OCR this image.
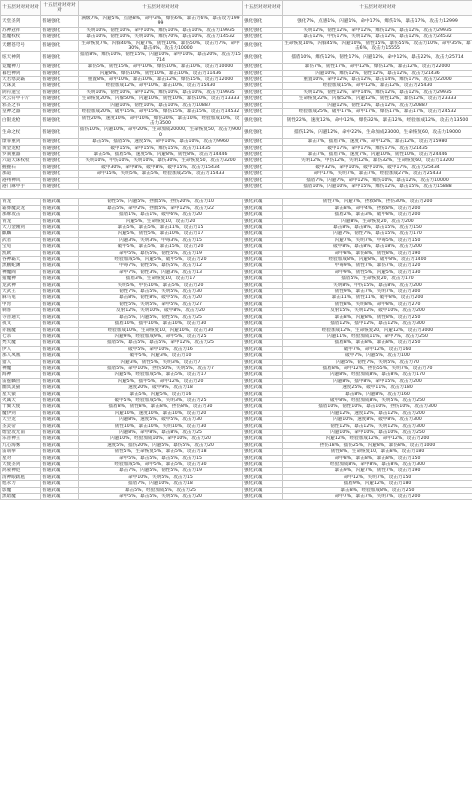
十五层对对对对对	十五层对对对对对	十五层对对对对对	十五层对对对对对	十五层对对对对对
天堂圣剑	普通强化	满级7%，闪避5%，点感8%，命中3%，爆伤6%，暴击力6%，暴击攻力19999	强化强化	强化7%，点感1%，闪避1%，命中17%，爆伤1%，暴击17%，攻击力12999
苏神冠祥	普通强化	失明10%，韧性10%，命中10%，爆伤10%，暴击10%，攻击力19935	强化强化	失明12%，韧性12%，命中12%，爆伤12%，暴击12%，攻击力29935
恶魔权杖	普通强化	暴击10%，韧性10%，失明10%，爆伤70%，暴击10%，攻击力14532	强化强化	暴击12%，中伤17%，失明12%，暴击12%，暴击12%，攻击力24532
天燃苍穹号	普通强化	生命恢复7%，闪躲40%，闪避7%，韧性10%，暴伤50%，攻击力7%，命中30%，暴击4%，攻击力10000	强化强化	生命恢复10%，闪躲45%，闪避10%，韧性15%，暴伤55%，攻击力10%，命中35%，暴击6%，攻击力15555
炫天神剑	普通强化	擂盾8%，爆伤10%，韧性15%，闪避10%，命中10%，暴击20%，攻击力15714	强化强化	擂盾10%，爆伤12%，韧性17%，闪避12%，命中12%，暴击22%，攻击力25714
竞魔神刀	普通强化	暴伤5%，韧性15%，命中10%，爆伤10%，暴击10%，攻击力10000	强化强化	暴伤7%，韧性17%，命中12%，爆伤12%，暴击12%，攻击力22000
暮色神剑	普通强化	闪避8%，爆伤10%，韧性10%，暴击10%，攻击力11436	强化强化	闪避10%，爆伤12%，韧性12%，暴击12%，攻击力21436
天若寒灵霸	普通强化	重置8%，命中10%，暴击10%，暴击12%，爆伤15%，攻击力12000	强化强化	重置10%，命中12%，暴击12%，暴击14%，爆伤17%，攻击力22000
天诛灵	普通强化	经验加成12%，命中10%，暴击10%，攻击力15430	强化强化	经验加成15%，命中12%，暴击12%，攻击力25430
阴符遗宝	普通强化	失明10%，韧性10%，命中12%，爆伤10%，暴击10%，攻击力19935	强化强化	失明12%，韧性12%，命中14%，爆伤12%，暴击12%，攻击力29935
火云符甲千斤	普通强化	生命恢复20%，闪躲50%，闪避10%，韧性10%，暴伤10%，攻击力13333	强化强化	生命恢复22%，闪躲52%，闪避12%，韧性12%，暴伤12%，攻击力23333
邪圣之书	普通强化	闪避10%，韧性10%，暴击10%，攻击力10887	强化强化	闪避12%，韧性12%，暴击12%，攻击力20887
皇神之器	普通强化	经验加成20%，破甲15%，命中15%，爆伤15%，暴击15%，攻击力14532	强化强化	经验加成25%，破甲17%，命中17%，爆伤17%，暴击17%，攻击力24532
白银龙枪	普通强化	韧性20%，速度10%，命中10%，爆伤30%，暴击10%，经验加成10%，攻击力3500	强化强化	韧性22%，速度12%，命中12%，爆伤32%，暴击12%，经验加成12%，攻击力13500
生命之杖	普通强化	擂伤10%，闪避10%，命中20%，生命加成20000，生命恢复50，攻击力9000	强化强化	擂伤12%，闪避12%，命中22%，生命加成23000，生命恢复60，攻击力19000
馈罪重剑	普通强化	暴击5%，擂盾5%，速度5%，命中10%，暴击10%，攻击力9960	强化强化	暴击7%，擂盾7%，速度7%，命中12%，暴击12%，攻击力15980
黄金龙枪	普通强化	破甲15%，命中15%，爆伤15%，攻击力11435	强化强化	破甲17%，命中17%，爆伤17%，攻击力21435
罗刹重器	普通强化	暴击5%，擂盾5%，速度5%，闪避8%，韧性8%，攻击力14446	强化强化	暴击7%，擂盾7%，速度7%，闪避10%，韧性10%，攻击力24446
六道天诛权杖	普通强化	失明10%，中伤10%，失明10%，暴伤30%，生命恢复50，攻击力3200	强化强化	失明12%，中伤12%，失明12%，暴伤32%，生命恢复60，攻击力13200
握握石	普通强化	破甲30%，命中8%，破甲8%，破甲15%，攻击力15434	强化强化	破甲32%，命中10%，破甲10%，破甲17%，攻击力25434
那道	普通强化	命中15%，失明5%，暴击5%，经验加成25%，攻击力15433	强化强化	命中17%，失明7%，暴击7%，经验加成27%，攻击力25433
港州神风	普通强化		强化强化	擂盾7%，闪避7%，命中12%，爆伤10%，暴击12%，攻击力10000
港门麻甲手	普通强化		强化强化	擂盾10%，闪避10%，命中15%，爆伤12%，暴击15%，攻击力15888

青龙	普通武魂	韧性5%，闪避5%，拯救5%，拯伤20%，攻击力10	强化武魂	韧性7%，闪避7%，拯救8%，拯伤30%，攻击力200
霜葬魔灵龙	普通武魂	暴击5%，命中2%，拯救5%，命中12%，攻击力22	强化武魂	暴击8%，命中4%，拯救8%，攻击力200
那牌攻击	普通武魂	擂盾1%，暴击1%，破甲6%，攻击力20	强化武魂	擂盾2%，暴击3%，破甲8%，攻击力200
青龙	普通武魂	闪避5%，生命恢复10，攻击力20	强化武魂	闪避8%，生命恢复20，攻击力200
大刀金刚剑	普通武魂	暴击5%，暴击5%，暴击11%，攻击力15	强化武魂	暴击8%，暴击8%，暴击15%，攻击力150
麒麟	普通武魂	闪避5%，韧性5%，暴击10%，攻击力17	强化武魂	闪避7%，韧性7%，暴击15%，攻击力170
武者	普通武魂	闪避3%，失明3%，中毒3%，攻击力15	强化武魂	闪避7%，失明7%，中毒5%，攻击力150
宝龟	普通武魂	破甲5%，暴击5%，暴击15%，攻击力20	强化武魂	破甲8%，暴击8%，暴击18%，攻击力200
凯欧	普通武魂	命中5%，暴伤5%，韧性5%，攻击力19	强化武魂	命中8%，暴伤8%，韧性8%，攻击力190
谷神霸天	普通武魂	经验加成5%，闪避5%，破甲5%，攻击力20	强化武魂	经验加成8%，闪避8%，破甲8%，攻击力1400
黑鹏蛇渊	普通武魂	中毒7%，韧性5%，暴伤5%，攻击力12	强化武魂	中毒9%，韧性7%，暴伤7%，攻击力120
神魔阎	普通武魂	命中7%，韧性3%，闪避3%，攻击力13	强化武魂	命中9%，韧性5%，闪避5%，攻击力130
猪魔神	普通武魂	擂盾3%，生命恢复10，攻击力17	强化武魂	擂盾5%，生命恢复20，攻击力170
龙武神	普通武魂	失明5%，中伤10%，暴击5%，攻击力20	强化武魂	失明8%，中伤15%，暴击8%，攻击力200
天武王	普通武魂	韧性7%，暴击5%，失明5%，攻击力30	强化武魂	韧性9%，暴击7%，失明7%，攻击力300
麻马龟	普通武魂	暴击8%，韧性8%，破甲5%，攻击力20	强化武魂	暴击11%，韧性11%，破甲8%，攻击力200
甲胄	普通武魂	韧性5%，失明5%，命中5%，攻击力27	强化武魂	韧性8%，失明8%，命中8%，攻击力270
刺客	普通武魂	反射12%，失明10%，破甲8%，攻击力20	强化武魂	反射15%，失明12%，破甲10%，攻击力200
寺普通天	普通武魂	暴击5%，闪避5%，韧性5%，攻击力25	强化武魂	暴击8%，闪避8%，韧性8%，攻击力250
夜叉	普通武魂	擂盾10%，擂甲10%，暴击10%，攻击力30	强化武魂	擂盾12%，擂甲12%，暴击12%，攻击力300
赤瓯魔	普通武魂	经验加成10%，生命恢复10，闪避10%，攻击力30	强化武魂	经验加成12%，生命恢复20，闪避12%，攻击力3000
七杀	普通武魂	闪避9%，经验加成9%，命中5%，攻击力25	强化武魂	闪避11%，经验加成11%，命中7%，攻击力250
秃天魔	普通武魂	擂盾5%，暴击5%，暴击5%，命中12%，攻击力25	强化武魂	擂盾8%，暴击8%，暴击8%，攻击力250
伊人	普通武魂	破甲5%，命中10%，攻击力16	强化武魂	破甲7%，命中12%，攻击力160
那人凤凰	普通武魂	破甲5%，闪避3%，攻击力10	强化武魂	破甲7%，闪避5%，攻击力100
猎人	普通武魂	闪避3%，韧性5%，失明3%，攻击力7	强化武魂	闪避5%，韧性7%，失明5%，攻击力70
神魔	普通武魂	擂盾5%，命中10%，拯伤50%，失明5%，攻击力7	强化武魂	擂盾8%，命中12%，拯伤55%，失明7%，攻击力70
海神	普通武魂	闪避5%，经验加成5%，暴击5%，攻击力17	强化武魂	闪避8%，经验加成8%，暴击8%，攻击力170
雷霆麟兽	普通武魂	闪避5%，擂甲5%，命中12%，攻击力20	强化武魂	闪避8%，擂甲8%，命中15%，攻击力200
幽冥灵猫	普通武魂	速度20%，破甲9%，攻击力18	强化武魂	速度25%，破甲11%，攻击力180
星天猿	普通武魂	暴击5%，闪避5%，攻击力16	强化武魂	暴击8%，闪避8%，攻击力160
火属天	普通武魂	破甲5%，经验加成5%，失明3%，攻击力25	强化武魂	破甲8%，经验加成8%，失明5%，攻击力250
十翼天使	普通武魂	擂盾8%，韧性8%，暴击8%，拯伤8%，攻击力30	强化武魂	擂盾10%，韧性10%，暴击10%，拯伤10%，攻击力300
魔伊剑	普通武魂	闪避10%，速度10%，暴击10%，攻击力20	强化武魂	闪避12%，速度12%，暴击12%，攻击力200
天空龙	普通武魂	闪避8%，速度5%，破甲5%，攻击力30	强化武魂	闪避10%，速度8%，破甲8%，攻击力300
圣灵帝	普通武魂	韧性10%，暴击10%，失明10%，攻击力30	强化武魂	韧性12%，暴击12%，失明12%，攻击力300
熠金攻尤南	普通武魂	闪避8%，命中8%，暴击8%，攻击力25	强化武魂	闪避10%，命中10%，暴击10%，攻击力250
乐普神王	普通武魂	闪避10%，经验加成10%，命中10%，攻击力20	强化武魂	闪避12%，经验加成12%，命中12%，攻击力200
九心海雾	普通武魂	速度5%，擂伤20%，闪避5%，暴伤5%，攻击力20	强化武魂	拯伤18%，擂伤25%，闪避8%，暴伤8%，攻击力1000
雷萌拳	普通武魂	韧性5%，生命恢复5%，暴击5%，攻击力18	强化武魂	韧性8%，生命恢复10，暴击8%，攻击力180
星对	普通武魂	命中5%，暴击5%，暴击5%，攻击力15	强化武魂	命中8%，暴击8%，暴击8%，攻击力150
天使圣剑	普通武魂	经验加成5%，命中5%，暴击5%，攻击力30	强化武魂	经验加成8%，命中8%，暴击8%，攻击力300
鸿蒙神铠	普通武魂	暴击7%，闪避5%，韧性5%，攻击力19	强化武魂	暴击9%，闪避7%，韧性7%，攻击力190
清神眼跋扈	普通武魂	命中10%，失明5%，攻击力15	强化武魂	命中12%，失明7%，攻击力150
旭永力	普通武魂	擂盾7%，闪避10%，攻击力18	强化武魂	擂盾9%，闪避12%，攻击力180
影魔	普通武魂	暴击5%，经验加成5%，攻击力25	强化武魂	暴击8%，经验加成8%，攻击力250
黑暗魔	普通武魂	命中5%，暴击5%，失明5%，攻击力20	强化武魂	命中7%，暴击7%，失明7%，攻击力200
